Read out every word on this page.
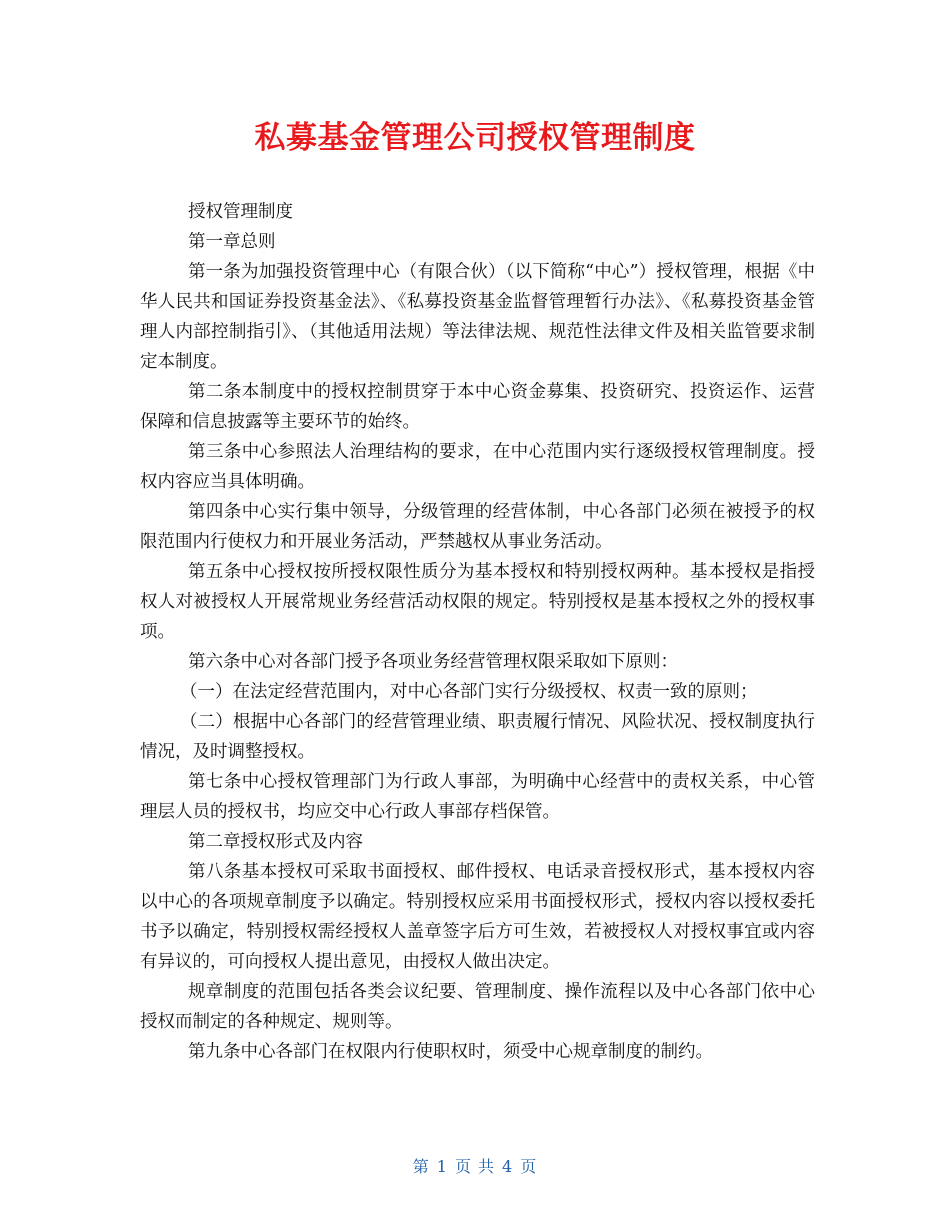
私募基金管理公司授权管理制度

授权管理制度

第一章总则

第一条为加强投资管理中心（有限合伙）（以下简称“中心”）授权管理，根据《中华人民共和国证券投资基金法》、《私募投资基金监督管理暂行办法》、《私募投资基金管理人内部控制指引》、（其他适用法规）等法律法规、规范性法律文件及相关监管要求制定本制度。

第二条本制度中的授权控制贯穿于本中心资金募集、投资研究、投资运作、运营保障和信息披露等主要环节的始终。

第三条中心参照法人治理结构的要求，在中心范围内实行逐级授权管理制度。授权内容应当具体明确。

第四条中心实行集中领导，分级管理的经营体制，中心各部门必须在被授予的权限范围内行使权力和开展业务活动，严禁越权从事业务活动。

第五条中心授权按所授权限性质分为基本授权和特别授权两种。基本授权是指授权人对被授权人开展常规业务经营活动权限的规定。特别授权是基本授权之外的授权事项。

第六条中心对各部门授予各项业务经营管理权限采取如下原则：

（一）在法定经营范围内，对中心各部门实行分级授权、权责一致的原则；

（二）根据中心各部门的经营管理业绩、职责履行情况、风险状况、授权制度执行情况，及时调整授权。

第七条中心授权管理部门为行政人事部，为明确中心经营中的责权关系，中心管理层人员的授权书，均应交中心行政人事部存档保管。

第二章授权形式及内容

第八条基本授权可采取书面授权、邮件授权、电话录音授权形式，基本授权内容以中心的各项规章制度予以确定。特别授权应采用书面授权形式，授权内容以授权委托书予以确定，特别授权需经授权人盖章签字后方可生效，若被授权人对授权事宜或内容有异议的，可向授权人提出意见，由授权人做出决定。

规章制度的范围包括各类会议纪要、管理制度、操作流程以及中心各部门依中心授权而制定的各种规定、规则等。

第九条中心各部门在权限内行使职权时，须受中心规章制度的制约。

第 1 页 共 4 页
